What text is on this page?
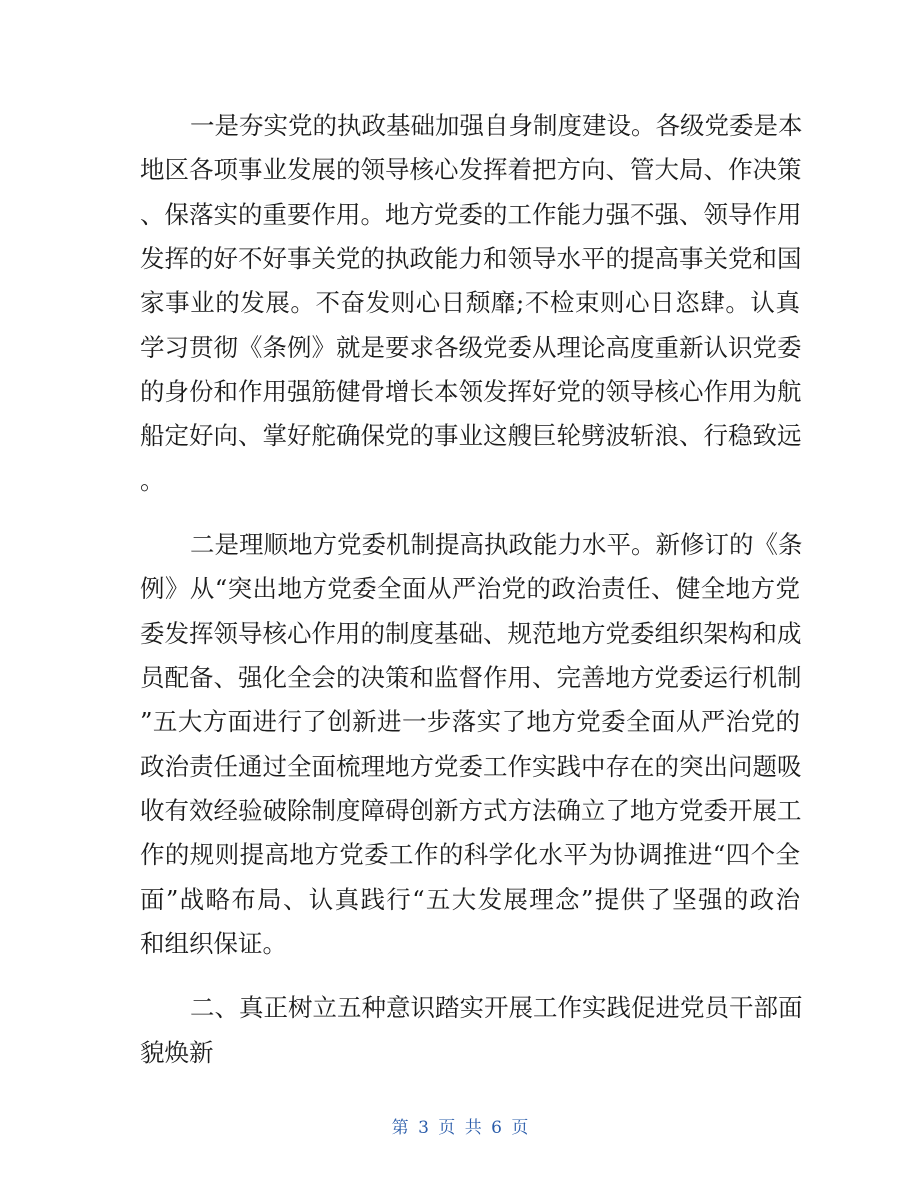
一是夯实党的执政基础加强自身制度建设。各级党委是本
地区各项事业发展的领导核心发挥着把方向、管大局、作决策
、保落实的重要作用。地方党委的工作能力强不强、领导作用
发挥的好不好事关党的执政能力和领导水平的提高事关党和国
家事业的发展。不奋发则心日颓靡;不检束则心日恣肆。认真
学习贯彻《条例》就是要求各级党委从理论高度重新认识党委
的身份和作用强筋健骨增长本领发挥好党的领导核心作用为航
船定好向、掌好舵确保党的事业这艘巨轮劈波斩浪、行稳致远
。
二是理顺地方党委机制提高执政能力水平。新修订的《条
例》从“突出地方党委全面从严治党的政治责任、健全地方党
委发挥领导核心作用的制度基础、规范地方党委组织架构和成
员配备、强化全会的决策和监督作用、完善地方党委运行机制
”五大方面进行了创新进一步落实了地方党委全面从严治党的
政治责任通过全面梳理地方党委工作实践中存在的突出问题吸
收有效经验破除制度障碍创新方式方法确立了地方党委开展工
作的规则提高地方党委工作的科学化水平为协调推进“四个全
面”战略布局、认真践行“五大发展理念”提供了坚强的政治
和组织保证。
二、真正树立五种意识踏实开展工作实践促进党员干部面
貌焕新
第 3 页 共 6 页
